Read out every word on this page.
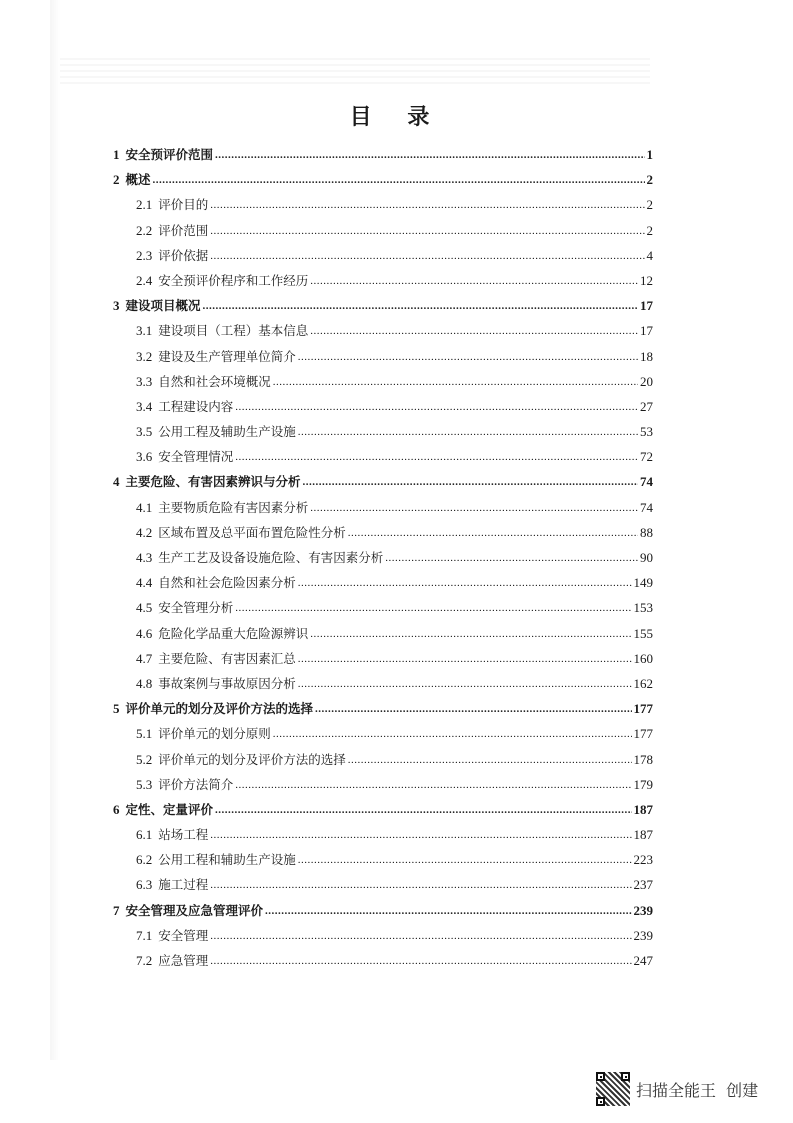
目 录
1 安全预评价范围 .....	1
2 概述 .....	2
2.1 评价目的 .....	2
2.2 评价范围 .....	2
2.3 评价依据 .....	4
2.4 安全预评价程序和工作经历 .....	12
3 建设项目概况 .....	17
3.1 建设项目（工程）基本信息 .....	17
3.2 建设及生产管理单位简介 .....	18
3.3 自然和社会环境概况 .....	20
3.4 工程建设内容 .....	27
3.5 公用工程及辅助生产设施 .....	53
3.6 安全管理情况 .....	72
4 主要危险、有害因素辨识与分析 .....	74
4.1 主要物质危险有害因素分析 .....	74
4.2 区域布置及总平面布置危险性分析 .....	88
4.3 生产工艺及设备设施危险、有害因素分析 .....	90
4.4 自然和社会危险因素分析 .....	149
4.5 安全管理分析 .....	153
4.6 危险化学品重大危险源辨识 .....	155
4.7 主要危险、有害因素汇总 .....	160
4.8 事故案例与事故原因分析 .....	162
5 评价单元的划分及评价方法的选择 .....	177
5.1 评价单元的划分原则 .....	177
5.2 评价单元的划分及评价方法的选择 .....	178
5.3 评价方法简介 .....	179
6 定性、定量评价 .....	187
6.1 站场工程 .....	187
6.2 公用工程和辅助生产设施 .....	223
6.3 施工过程 .....	237
7 安全管理及应急管理评价 .....	239
7.1 安全管理 .....	239
7.2 应急管理 .....	247
扫描全能王  创建
